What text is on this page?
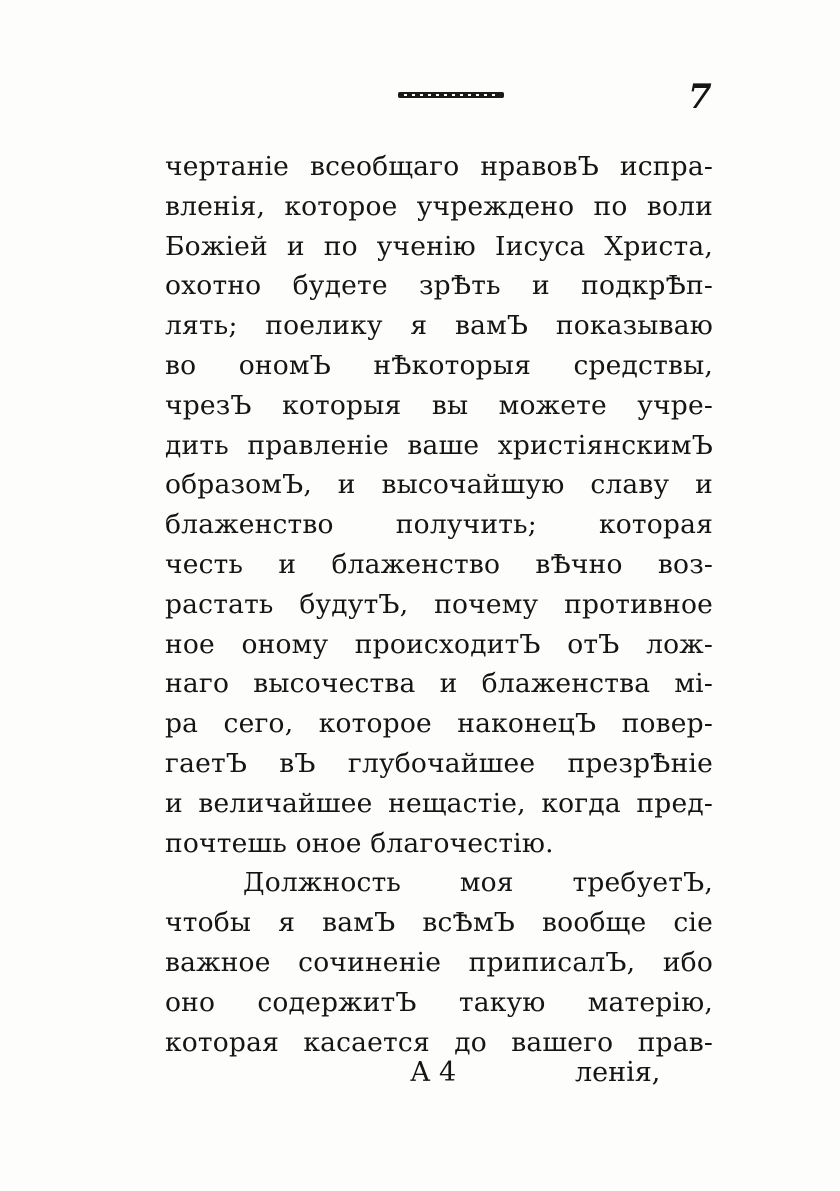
7
чертаніе всеобщаго нравовЪ испра-
вленія, которое учреждено по воли
Божіей и по ученію Іисуса Христа,
охотно будете зрѢть и подкрѢп-
лять; поелику я вамЪ показываю
во ономЪ нѢкоторыя средствы,
чрезЪ которыя вы можете учре-
дить правленіе ваше христіянскимЪ
образомЪ, и высочайшую славу и
блаженство получить; которая
честь и блаженство вѢчно воз-
растать будутЪ, почему противное
ное оному происходитЪ отЪ лож-
наго высочества и блаженства мі-
ра сего, которое наконецЪ повер-
гаетЪ вЪ глубочайшее презрѢніе
и величайшее нещастіе, когда пред-
почтешь оное благочестію.
Должность моя требуетЪ,
чтобы я вамЪ всѢмЪ вообще сіе
важное сочиненіе приписалЪ, ибо
оно содержитЪ такую матерію,
которая касается до вашего прав-
А 4	ленія,
